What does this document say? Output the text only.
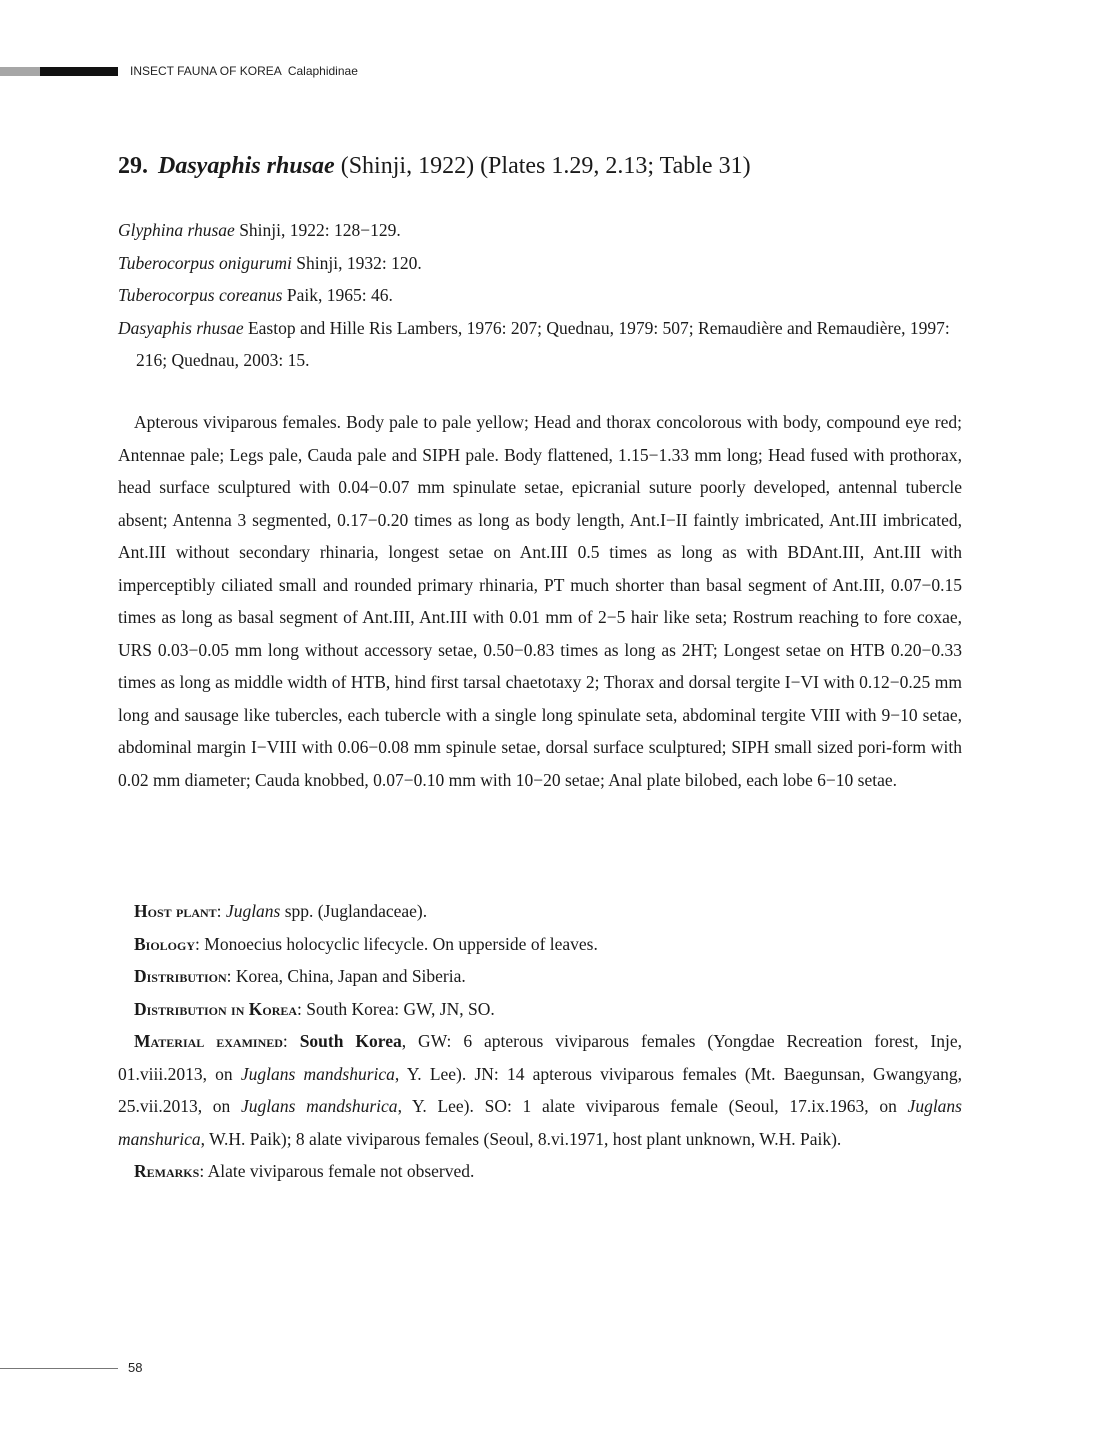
INSECT FAUNA OF KOREA Calaphidinae
29. Dasyaphis rhusae (Shinji, 1922) (Plates 1.29, 2.13; Table 31)

Glyphina rhusae Shinji, 1922: 128−129.

Tuberocorpus onigurumi Shinji, 1932: 120.

Tuberocorpus coreanus Paik, 1965: 46.

Dasyaphis rhusae Eastop and Hille Ris Lambers, 1976: 207; Quednau, 1979: 507; Remaudière and Remaudière, 1997: 216; Quednau, 2003: 15.

Apterous viviparous females. Body pale to pale yellow; Head and thorax concolorous with body, compound eye red; Antennae pale; Legs pale, Cauda pale and SIPH pale. Body flattened, 1.15−1.33 mm long; Head fused with prothorax, head surface sculptured with 0.04−0.07 mm spinulate setae, epicranial suture poorly developed, antennal tubercle absent; Antenna 3 segmented, 0.17−0.20 times as long as body length, Ant.I−II faintly imbricated, Ant.III imbricated, Ant.III without secondary rhinaria, longest setae on Ant.III 0.5 times as long as with BDAnt.III, Ant.III with imperceptibly ciliated small and rounded primary rhinaria, PT much shorter than basal segment of Ant.III, 0.07−0.15 times as long as basal segment of Ant.III, Ant.III with 0.01 mm of 2−5 hair like seta; Rostrum reaching to fore coxae, URS 0.03−0.05 mm long without accessory setae, 0.50−0.83 times as long as 2HT; Longest setae on HTB 0.20−0.33 times as long as middle width of HTB, hind first tarsal chaetotaxy 2; Thorax and dorsal tergite I−VI with 0.12−0.25 mm long and sausage like tubercles, each tubercle with a single long spinulate seta, abdominal tergite VIII with 9−10 setae, abdominal margin I−VIII with 0.06−0.08 mm spinule setae, dorsal surface sculptured; SIPH small sized pori-form with 0.02 mm diameter; Cauda knobbed, 0.07−0.10 mm with 10−20 setae; Anal plate bilobed, each lobe 6−10 setae.

Host plant: Juglans spp. (Juglandaceae).

Biology: Monoecius holocyclic lifecycle. On upperside of leaves.

Distribution: Korea, China, Japan and Siberia.

Distribution in Korea: South Korea: GW, JN, SO.

Material examined: South Korea, GW: 6 apterous viviparous females (Yongdae Recreation forest, Inje, 01.viii.2013, on Juglans mandshurica, Y. Lee). JN: 14 apterous viviparous females (Mt. Baegunsan, Gwangyang, 25.vii.2013, on Juglans mandshurica, Y. Lee). SO: 1 alate viviparous female (Seoul, 17.ix.1963, on Juglans manshurica, W.H. Paik); 8 alate viviparous females (Seoul, 8.vi.1971, host plant unknown, W.H. Paik).

Remarks: Alate viviparous female not observed.

58
